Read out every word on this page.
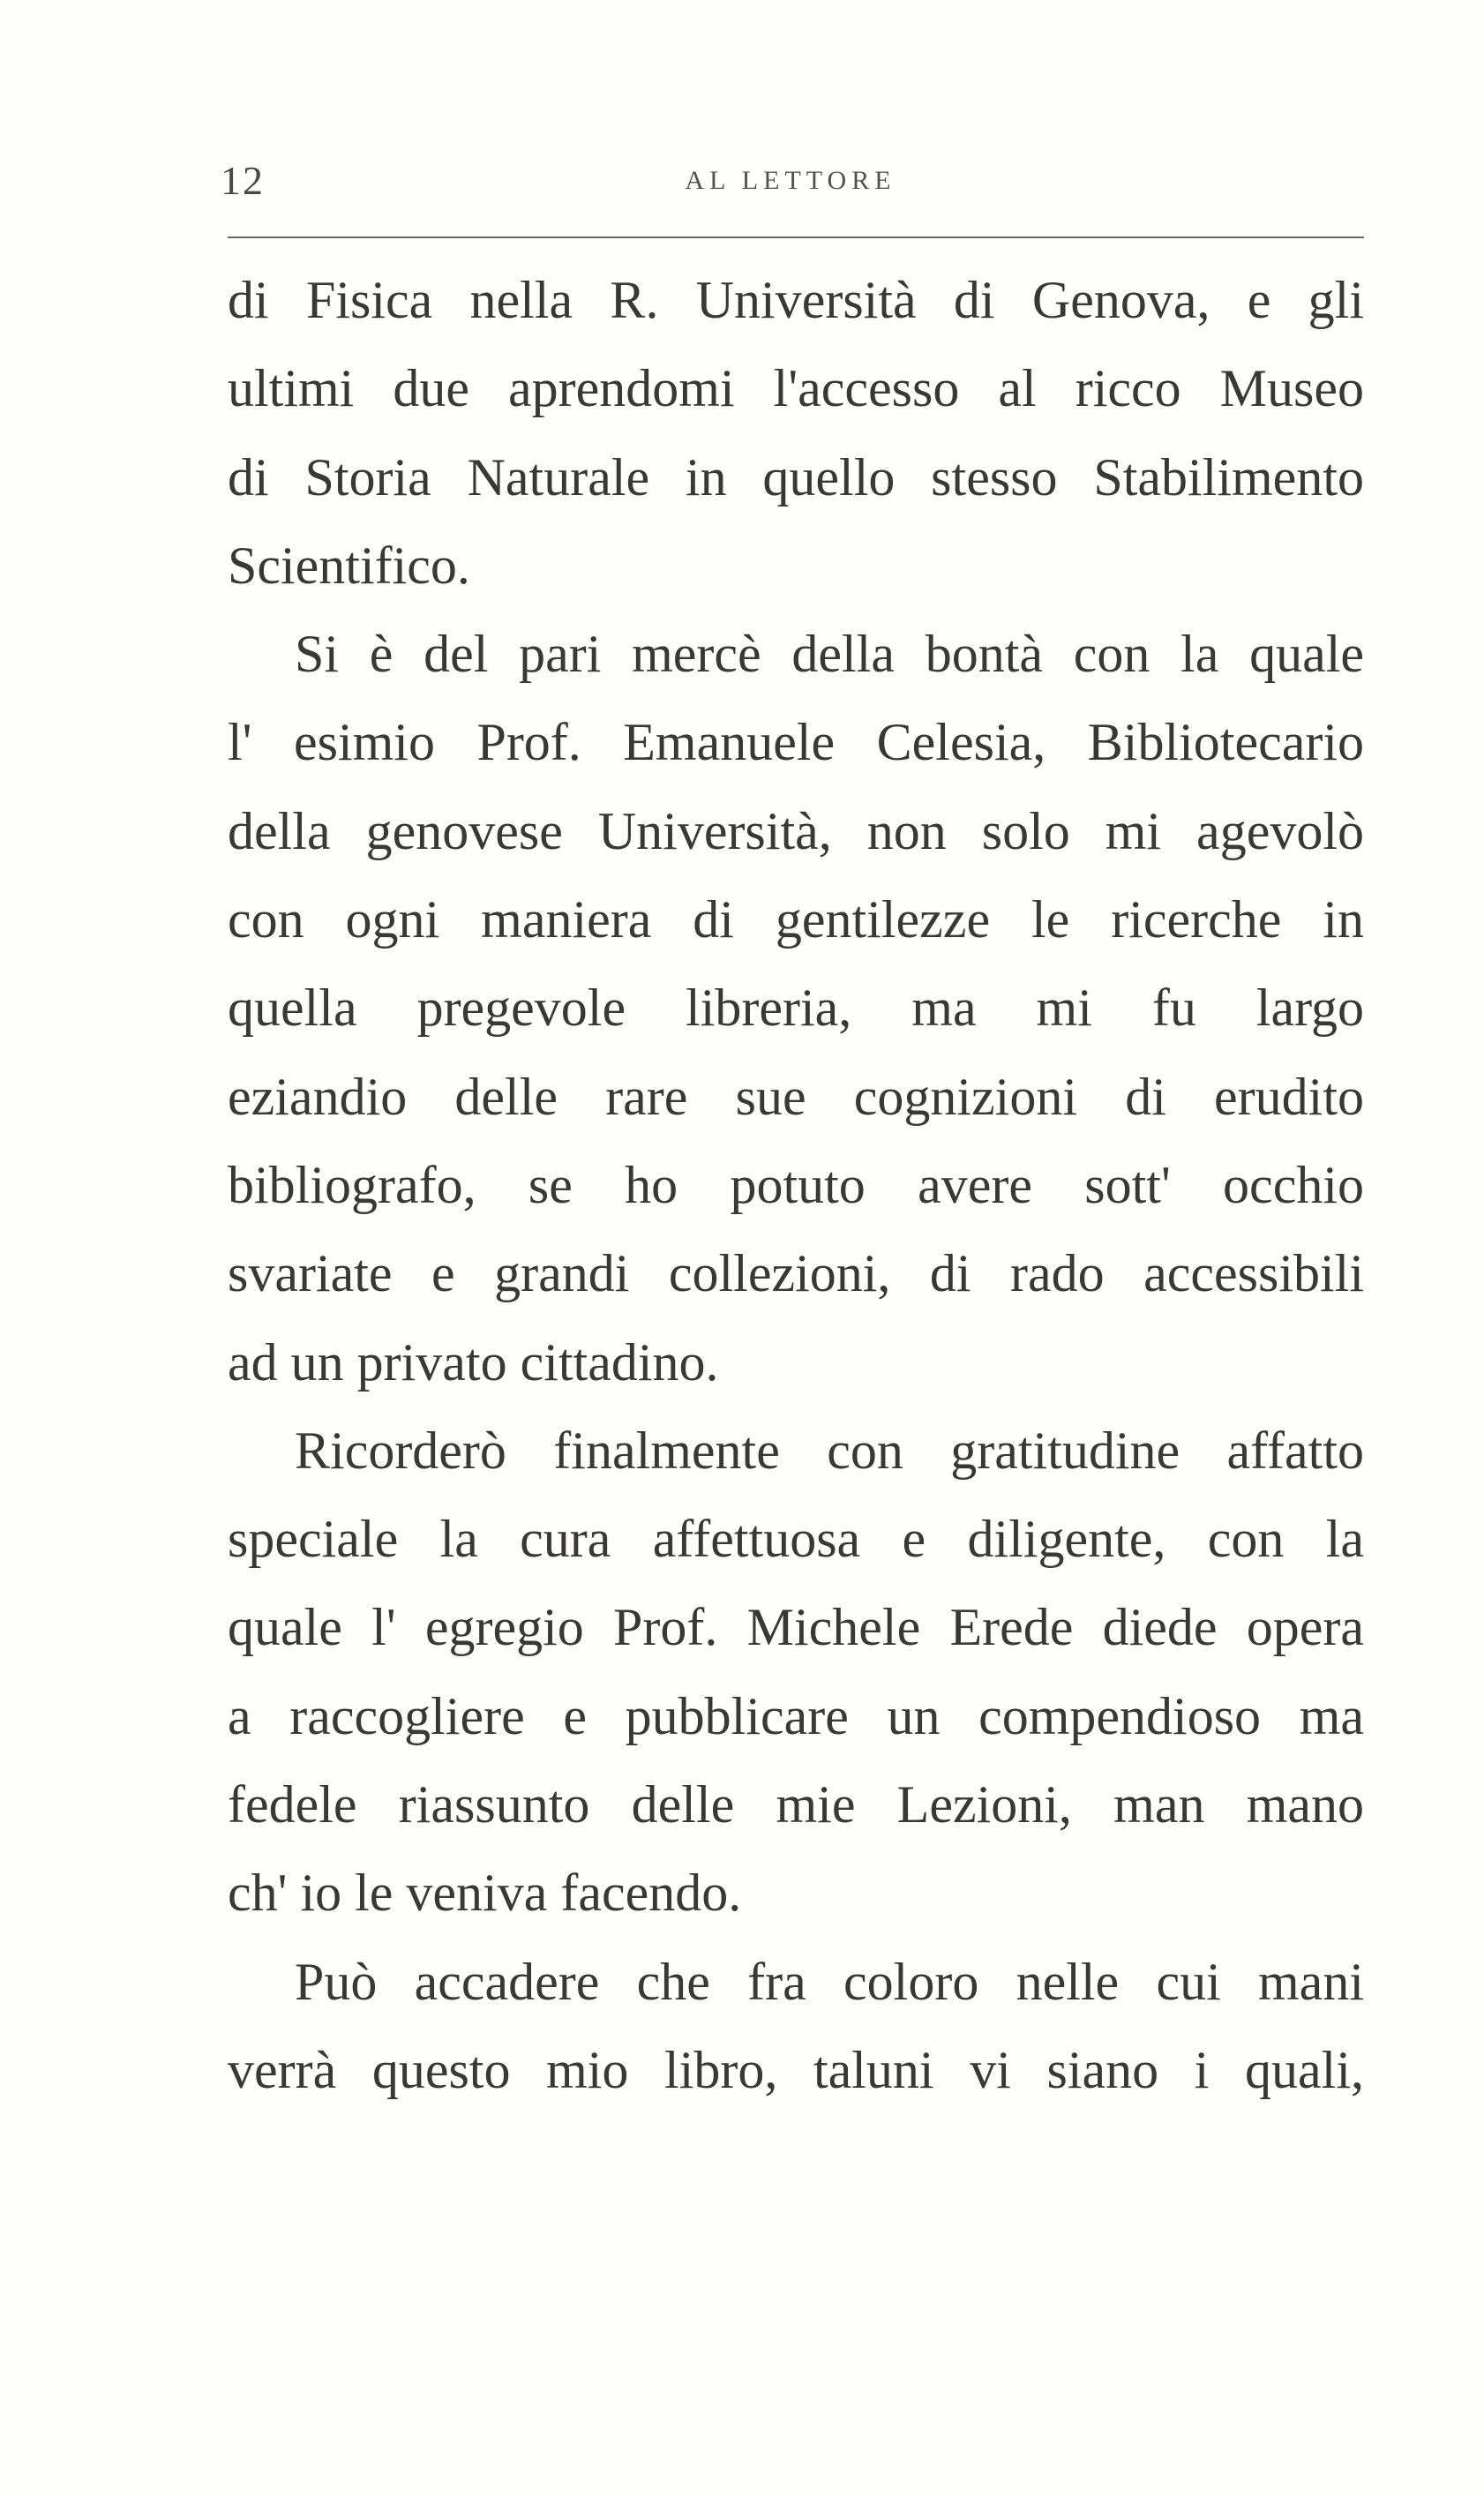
12	AL LETTORE
di Fisica nella R. Università di Genova, e gli
ultimi due aprendomi l'accesso al ricco Museo
di Storia Naturale in quello stesso Stabilimento
Scientifico.
Si è del pari mercè della bontà con la quale
l' esimio Prof. Emanuele Celesia, Bibliotecario
della genovese Università, non solo mi agevolò
con ogni maniera di gentilezze le ricerche in
quella pregevole libreria, ma mi fu largo
eziandio delle rare sue cognizioni di erudito
bibliografo, se ho potuto avere sott' occhio
svariate e grandi collezioni, di rado accessibili
ad un privato cittadino.
Ricorderò finalmente con gratitudine affatto
speciale la cura affettuosa e diligente, con la
quale l' egregio Prof. Michele Erede diede opera
a raccogliere e pubblicare un compendioso ma
fedele riassunto delle mie Lezioni, man mano
ch' io le veniva facendo.
Può accadere che fra coloro nelle cui mani
verrà questo mio libro, taluni vi siano i quali,
